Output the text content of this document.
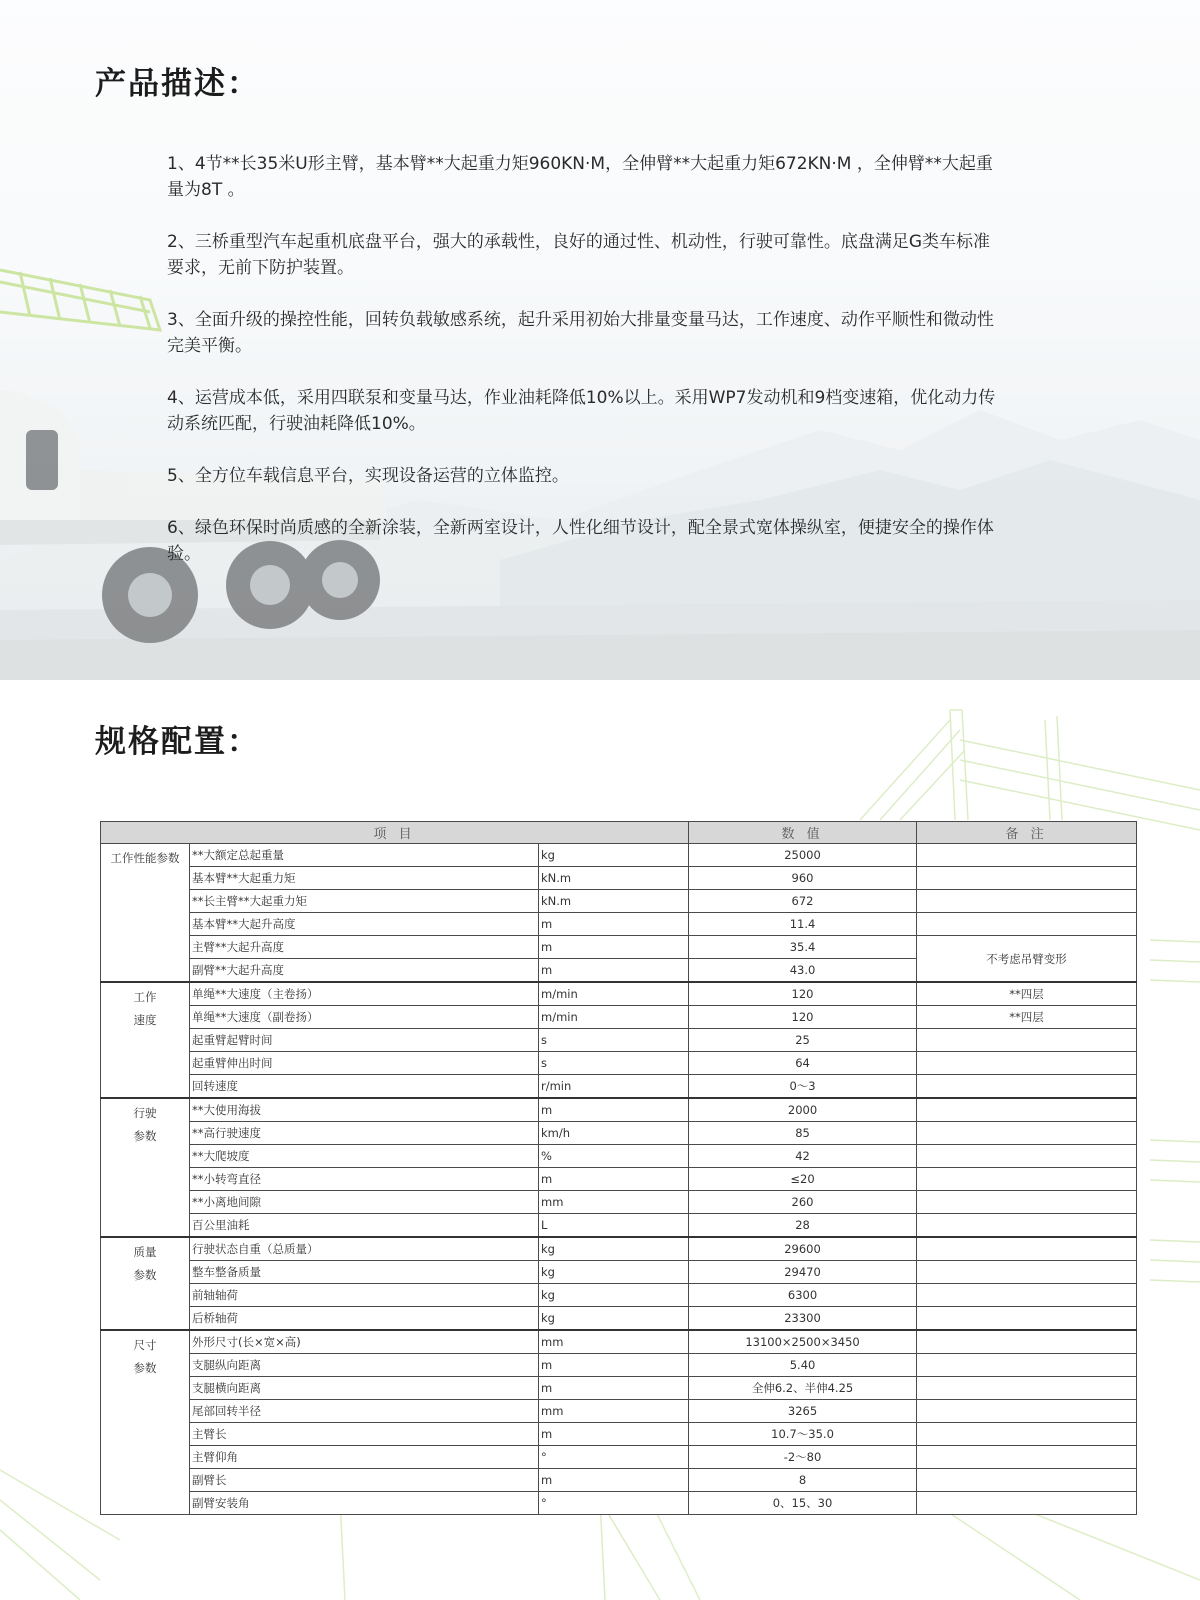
产品描述：

1、4节**长35米U形主臂，基本臂**大起重力矩960KN·M，全伸臂**大起重力矩672KN·M ，全伸臂**大起重量为8T 。

2、三桥重型汽车起重机底盘平台，强大的承载性，良好的通过性、机动性，行驶可靠性。底盘满足G类车标准要求，无前下防护装置。

3、全面升级的操控性能，回转负载敏感系统，起升采用初始大排量变量马达，工作速度、动作平顺性和微动性完美平衡。

4、运营成本低，采用四联泵和变量马达，作业油耗降低10%以上。采用WP7发动机和9档变速箱，优化动力传动系统匹配，行驶油耗降低10%。

5、全方位车载信息平台，实现设备运营的立体监控。

6、绿色环保时尚质感的全新涂装，全新两室设计，人性化细节设计，配全景式宽体操纵室，便捷安全的操作体验。

规格配置：
项 目			数 值	备 注

工作性能参数	**大额定总起重量	kg	25000	
	基本臂**大起重力矩	kN.m	960	
	**长主臂**大起重力矩	kN.m	672	
	基本臂**大起升高度	m	11.4	
	主臂**大起升高度	m	35.4	不考虑吊臂变形
	副臂**大起升高度	m	43.0	

工作
速度	单绳**大速度（主卷扬）	m/min	120	**四层
	单绳**大速度（副卷扬）	m/min	120	**四层
	起重臂起臂时间	s	25	
	起重臂伸出时间	s	64	
	回转速度	r/min	0～3	

行驶
参数	**大使用海拔	m	2000	
	**高行驶速度	km/h	85	
	**大爬坡度	%	42	
	**小转弯直径	m	≤20	
	**小离地间隙	mm	260	
	百公里油耗	L	28	

质量
参数	行驶状态自重（总质量）	kg	29600	
	整车整备质量	kg	29470	
	前轴轴荷	kg	6300	
	后桥轴荷	kg	23300	

尺寸
参数	外形尺寸(长×宽×高)	mm	13100×2500×3450	
	支腿纵向距离	m	5.40	
	支腿横向距离	m	全伸6.2、半伸4.25	
	尾部回转半径	mm	3265	
	主臂长	m	10.7～35.0	
	主臂仰角	°	-2～80	
	副臂长	m	8	
	副臂安装角	°	0、15、30	
